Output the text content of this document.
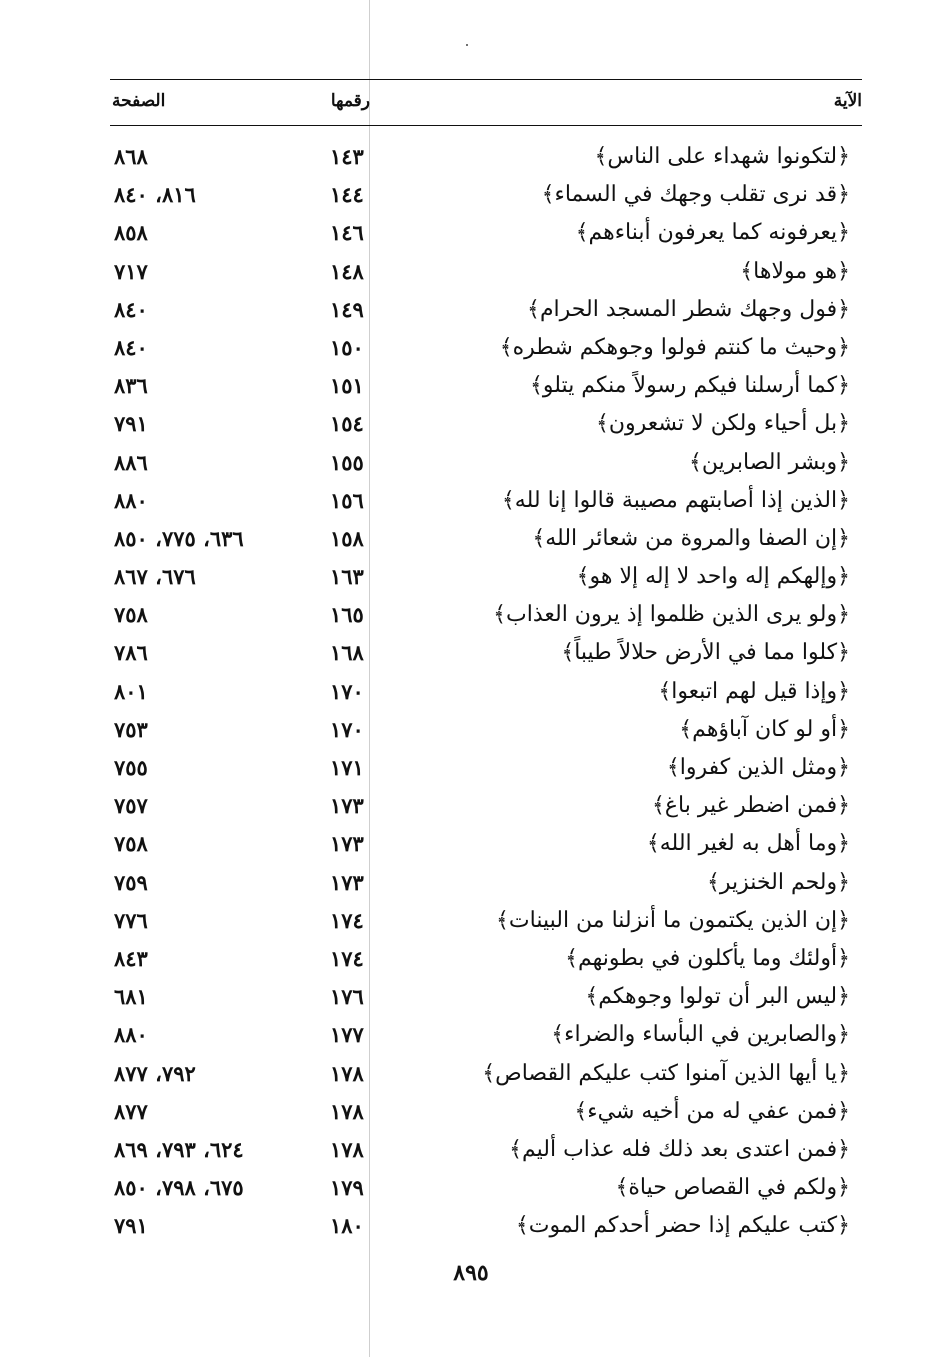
الآية
رقمها
الصفحة
﴿لتكونوا شهداء على الناس﴾
١٤٣
٨٦٨
﴿قد نرى تقلب وجهك في السماء﴾
١٤٤
٨١٦، ٨٤٠
﴿يعرفونه كما يعرفون أبناءهم﴾
١٤٦
٨٥٨
﴿هو مولاها﴾
١٤٨
٧١٧
﴿فول وجهك شطر المسجد الحرام﴾
١٤٩
٨٤٠
﴿وحيث ما كنتم فولوا وجوهكم شطره﴾
١٥٠
٨٤٠
﴿كما أرسلنا فيكم رسولاً منكم يتلو﴾
١٥١
٨٣٦
﴿بل أحياء ولكن لا تشعرون﴾
١٥٤
٧٩١
﴿وبشر الصابرين﴾
١٥٥
٨٨٦
﴿الذين إذا أصابتهم مصيبة قالوا إنا لله﴾
١٥٦
٨٨٠
﴿إن الصفا والمروة من شعائر الله﴾
١٥٨
٦٣٦، ٧٧٥، ٨٥٠
﴿وإلهكم إله واحد لا إله إلا هو﴾
١٦٣
٦٧٦، ٨٦٧
﴿ولو يرى الذين ظلموا إذ يرون العذاب﴾
١٦٥
٧٥٨
﴿كلوا مما في الأرض حلالاً طيباً﴾
١٦٨
٧٨٦
﴿وإذا قيل لهم اتبعوا﴾
١٧٠
٨٠١
﴿أو لو كان آباؤهم﴾
١٧٠
٧٥٣
﴿ومثل الذين كفروا﴾
١٧١
٧٥٥
﴿فمن اضطر غير باغ﴾
١٧٣
٧٥٧
﴿وما أهل به لغير الله﴾
١٧٣
٧٥٨
﴿ولحم الخنزير﴾
١٧٣
٧٥٩
﴿إن الذين يكتمون ما أنزلنا من البينات﴾
١٧٤
٧٧٦
﴿أولئك وما يأكلون في بطونهم﴾
١٧٤
٨٤٣
﴿ليس البر أن تولوا وجوهكم﴾
١٧٦
٦٨١
﴿والصابرين في البأساء والضراء﴾
١٧٧
٨٨٠
﴿يا أيها الذين آمنوا كتب عليكم القصاص﴾
١٧٨
٧٩٢، ٨٧٧
﴿فمن عفي له من أخيه شيء﴾
١٧٨
٨٧٧
﴿فمن اعتدى بعد ذلك فله عذاب أليم﴾
١٧٨
٦٢٤، ٧٩٣، ٨٦٩
﴿ولكم في القصاص حياة﴾
١٧٩
٦٧٥، ٧٩٨، ٨٥٠
﴿كتب عليكم إذا حضر أحدكم الموت﴾
١٨٠
٧٩١
٨٩٥
